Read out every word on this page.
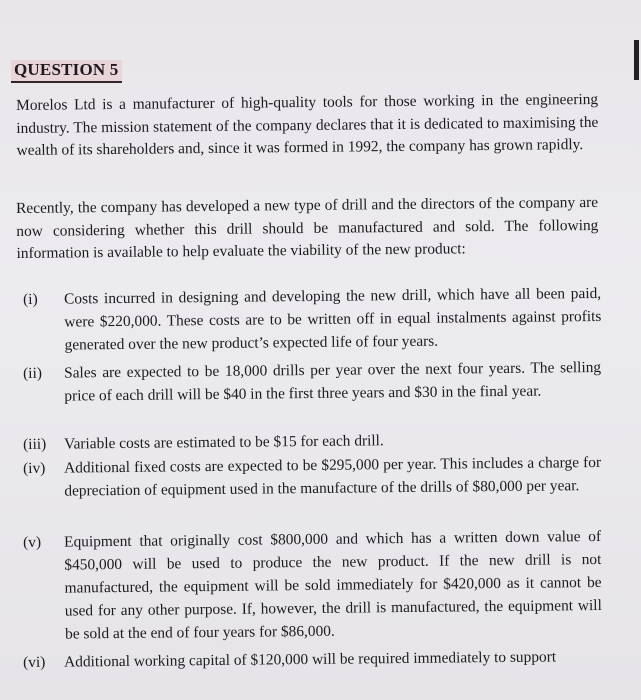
QUESTION 5
Morelos Ltd is a manufacturer of high-quality tools for those working in the engineering industry. The mission statement of the company declares that it is dedicated to maximising the wealth of its shareholders and, since it was formed in 1992, the company has grown rapidly.
Recently, the company has developed a new type of drill and the directors of the company are now considering whether this drill should be manufactured and sold. The following information is available to help evaluate the viability of the new product:
(i)	Costs incurred in designing and developing the new drill, which have all been paid, were $220,000. These costs are to be written off in equal instalments against profits generated over the new product’s expected life of four years.
(ii)	Sales are expected to be 18,000 drills per year over the next four years. The selling price of each drill will be $40 in the first three years and $30 in the final year.
(iii)	Variable costs are estimated to be $15 for each drill.
(iv)	Additional fixed costs are expected to be $295,000 per year. This includes a charge for depreciation of equipment used in the manufacture of the drills of $80,000 per year.
(v)	Equipment that originally cost $800,000 and which has a written down value of $450,000 will be used to produce the new product. If the new drill is not manufactured, the equipment will be sold immediately for $420,000 as it cannot be used for any other purpose. If, however, the drill is manufactured, the equipment will be sold at the end of four years for $86,000.
(vi)	Additional working capital of $120,000 will be required immediately to support
